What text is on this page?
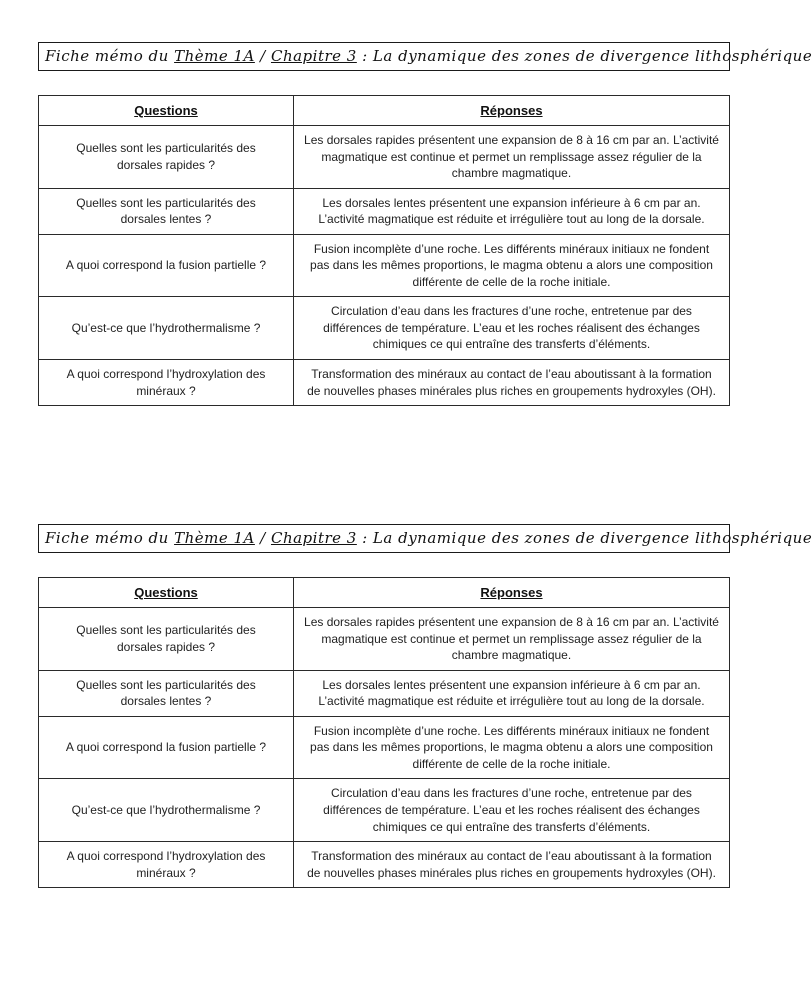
Fiche mémo du Thème 1A / Chapitre 3 : La dynamique des zones de divergence lithosphérique
Questions	Réponses
Quelles sont les particularités des dorsales rapides ?	Les dorsales rapides présentent une expansion de 8 à 16 cm par an. L’activité magmatique est continue et permet un remplissage assez régulier de la chambre magmatique.
Quelles sont les particularités des dorsales lentes ?	Les dorsales lentes présentent une expansion inférieure à 6 cm par an. L’activité magmatique est réduite et irrégulière tout au long de la dorsale.
A quoi correspond la fusion partielle ?	Fusion incomplète d’une roche. Les différents minéraux initiaux ne fondent pas dans les mêmes proportions, le magma obtenu a alors une composition différente de celle de la roche initiale.
Qu’est-ce que l’hydrothermalisme ?	Circulation d’eau dans les fractures d’une roche, entretenue par des différences de température. L’eau et les roches réalisent des échanges chimiques ce qui entraîne des transferts d’éléments.
A quoi correspond l’hydroxylation des minéraux ?	Transformation des minéraux au contact de l’eau aboutissant à la formation de nouvelles phases minérales plus riches en groupements hydroxyles (OH).
Fiche mémo du Thème 1A / Chapitre 3 : La dynamique des zones de divergence lithosphérique
Questions	Réponses
Quelles sont les particularités des dorsales rapides ?	Les dorsales rapides présentent une expansion de 8 à 16 cm par an. L’activité magmatique est continue et permet un remplissage assez régulier de la chambre magmatique.
Quelles sont les particularités des dorsales lentes ?	Les dorsales lentes présentent une expansion inférieure à 6 cm par an. L’activité magmatique est réduite et irrégulière tout au long de la dorsale.
A quoi correspond la fusion partielle ?	Fusion incomplète d’une roche. Les différents minéraux initiaux ne fondent pas dans les mêmes proportions, le magma obtenu a alors une composition différente de celle de la roche initiale.
Qu’est-ce que l’hydrothermalisme ?	Circulation d’eau dans les fractures d’une roche, entretenue par des différences de température. L’eau et les roches réalisent des échanges chimiques ce qui entraîne des transferts d’éléments.
A quoi correspond l’hydroxylation des minéraux ?	Transformation des minéraux au contact de l’eau aboutissant à la formation de nouvelles phases minérales plus riches en groupements hydroxyles (OH).
